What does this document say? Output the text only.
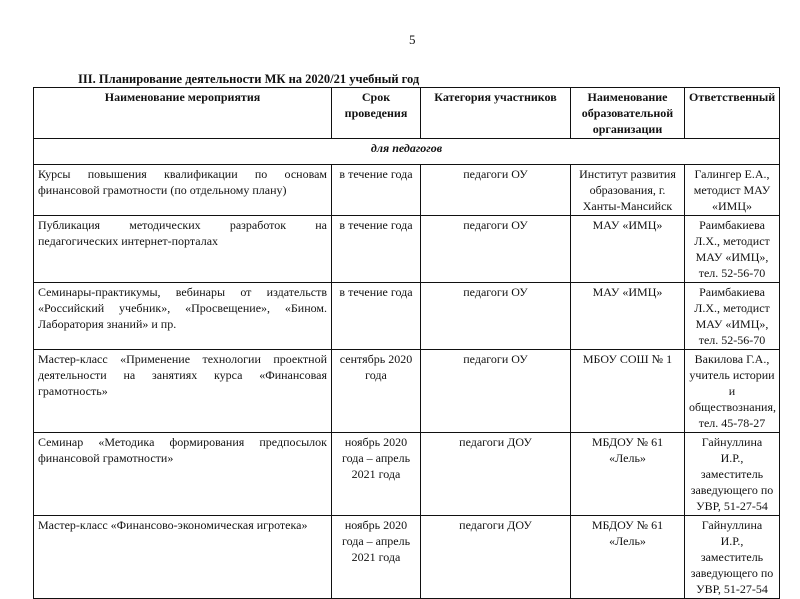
5
III. Планирование деятельности МК на 2020/21 учебный год
Наименование мероприятия	Срок проведения	Категория участников	Наименование образовательной организации	Ответственный
для педагогов				
Курсы повышения квалификации по основам финансовой грамотности (по отдельному плану)	в течение года	педагоги ОУ	Институт развития образования, г. Ханты-Мансийск	Галингер Е.А., методист МАУ «ИМЦ»
Публикация методических разработок на педагогических интернет-порталах	в течение года	педагоги ОУ	МАУ «ИМЦ»	Раимбакиева Л.Х., методист МАУ «ИМЦ», тел. 52-56-70
Семинары-практикумы, вебинары от издательств «Российский учебник», «Просвещение», «Бином. Лаборатория знаний» и пр.	в течение года	педагоги ОУ	МАУ «ИМЦ»	Раимбакиева Л.Х., методист МАУ «ИМЦ», тел. 52-56-70
Мастер-класс «Применение технологии проектной деятельности на занятиях курса «Финансовая грамотность»	сентябрь 2020 года	педагоги ОУ	МБОУ СОШ № 1	Вакилова Г.А., учитель истории и обществознания, тел. 45-78-27
Семинар «Методика формирования предпосылок финансовой грамотности»	ноябрь 2020 года – апрель 2021 года	педагоги ДОУ	МБДОУ № 61 «Лель»	Гайнуллина И.Р., заместитель заведующего по УВР, 51-27-54
Мастер-класс «Финансово-экономическая игротека»	ноябрь 2020 года – апрель 2021 года	педагоги ДОУ	МБДОУ № 61 «Лель»	Гайнуллина И.Р., заместитель заведующего по УВР, 51-27-54
